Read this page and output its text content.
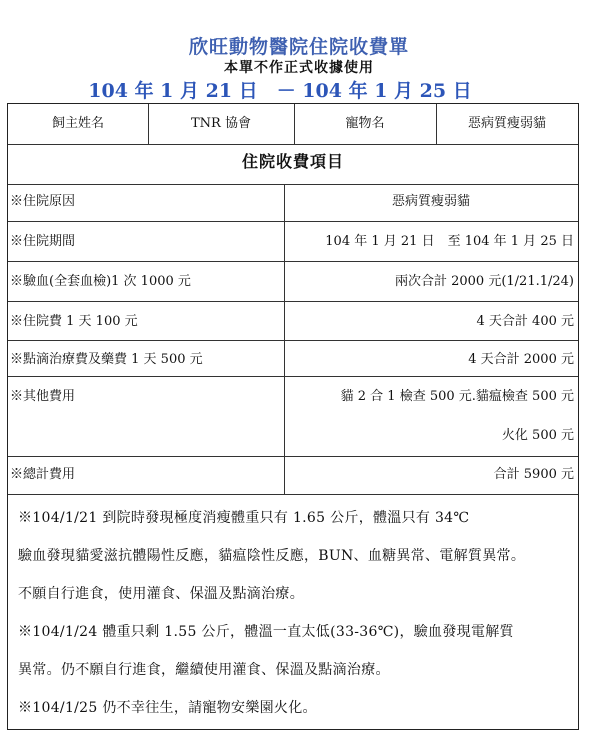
欣旺動物醫院住院收費單
本單不作正式收據使用
104 年 1 月 21 日　－ 104 年 1 月 25 日
飼主姓名	TNR 協會	寵物名	惡病質瘦弱貓
住院收費項目
※住院原因	惡病質瘦弱貓
※住院期間	104 年 1 月 21 日　至 104 年 1 月 25 日
※驗血(全套血檢)1 次 1000 元	兩次合計 2000 元(1/21.1/24)
※住院費 1 天 100 元	4 天合計 400 元
※點滴治療費及藥費 1 天 500 元	4 天合計 2000 元
※其他費用	貓 2 合 1 檢查 500 元.貓瘟檢查 500 元
火化 500 元
※總計費用	合計 5900 元
※104/1/21 到院時發現極度消瘦體重只有 1.65 公斤，體溫只有 34℃
驗血發現貓愛滋抗體陽性反應，貓瘟陰性反應，BUN、血糖異常、電解質異常。
不願自行進食，使用灌食、保溫及點滴治療。
※104/1/24 體重只剩 1.55 公斤，體溫一直太低(33-36℃)，驗血發現電解質
異常。仍不願自行進食，繼續使用灌食、保溫及點滴治療。
※104/1/25 仍不幸往生，請寵物安樂園火化。
